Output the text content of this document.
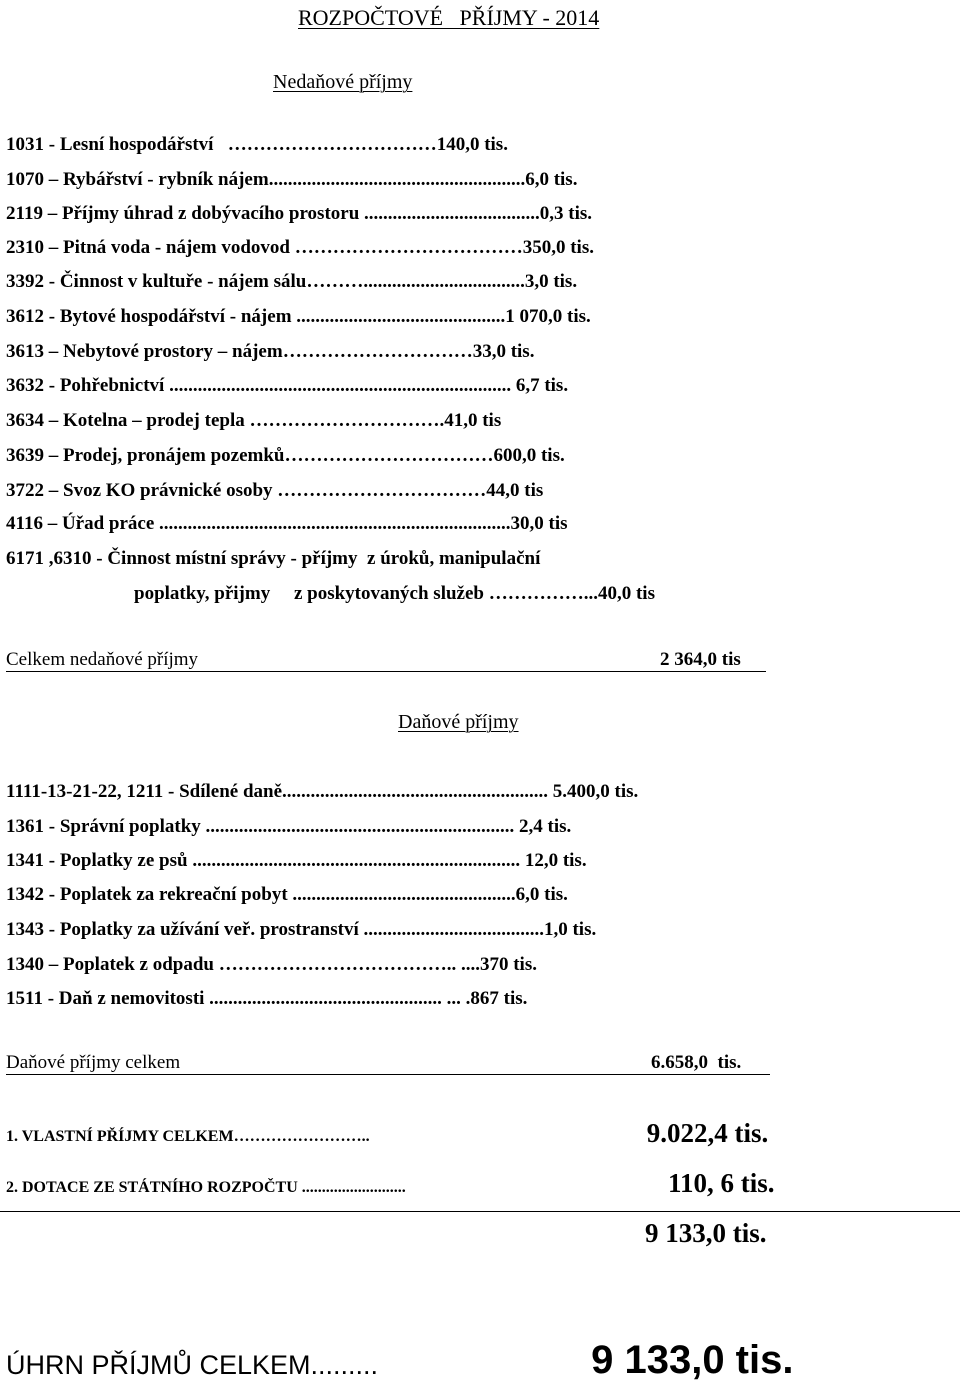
ROZPOČTOVÉ   PŘÍJMY - 2014
Nedaňové příjmy
1031 - Lesní hospodářství   ……………………………140,0 tis.
1070 – Rybářství - rybník nájem......................................................6,0 tis.
2119 – Příjmy úhrad z dobývacího prostoru .....................................0,3 tis.
2310 – Pitná voda - nájem vodovod ………………………………350,0 tis.
3392 - Činnost v kultuře - nájem sálu………..................................3,0 tis.
3612 - Bytové hospodářství - nájem ............................................1 070,0 tis.
3613 – Nebytové prostory – nájem…………………………33,0 tis.
3632 - Pohřebnictví ........................................................................ 6,7 tis.
3634 – Kotelna – prodej tepla ………………………….41,0 tis
3639 – Prodej, pronájem pozemků……………………………600,0 tis.
3722 – Svoz KO právnické osoby ……………………………44,0 tis
4116 – Úřad práce ..........................................................................30,0 tis
6171 ,6310 - Činnost místní správy - příjmy  z úroků, manipulační
poplatky, přijmy     z poskytovaných služeb ……………...40,0 tis
Celkem nedaňové příjmy	2 364,0 tis
Daňové příjmy
1111-13-21-22, 1211 - Sdílené daně........................................................ 5.400,0 tis.
1361 - Správní poplatky ................................................................. 2,4 tis.
1341 - Poplatky ze psů ..................................................................... 12,0 tis.
1342 - Poplatek za rekreační pobyt ...............................................6,0 tis.
1343 - Poplatky za užívání veř. prostranství ......................................1,0 tis.
1340 – Poplatek z odpadu ……………………………….. ....370 tis.
1511 - Daň z nemovitosti ................................................. ... .867 tis.
Daňové příjmy celkem	6.658,0  tis.
1. VLASTNÍ PŘÍJMY CELKEM……………………..	9.022,4 tis.
2. DOTACE ZE STÁTNÍHO ROZPOČTU ..........................	110, 6 tis.
9 133,0 tis.
ÚHRN PŘÍJMŮ CELKEM.........	9 133,0 tis.
